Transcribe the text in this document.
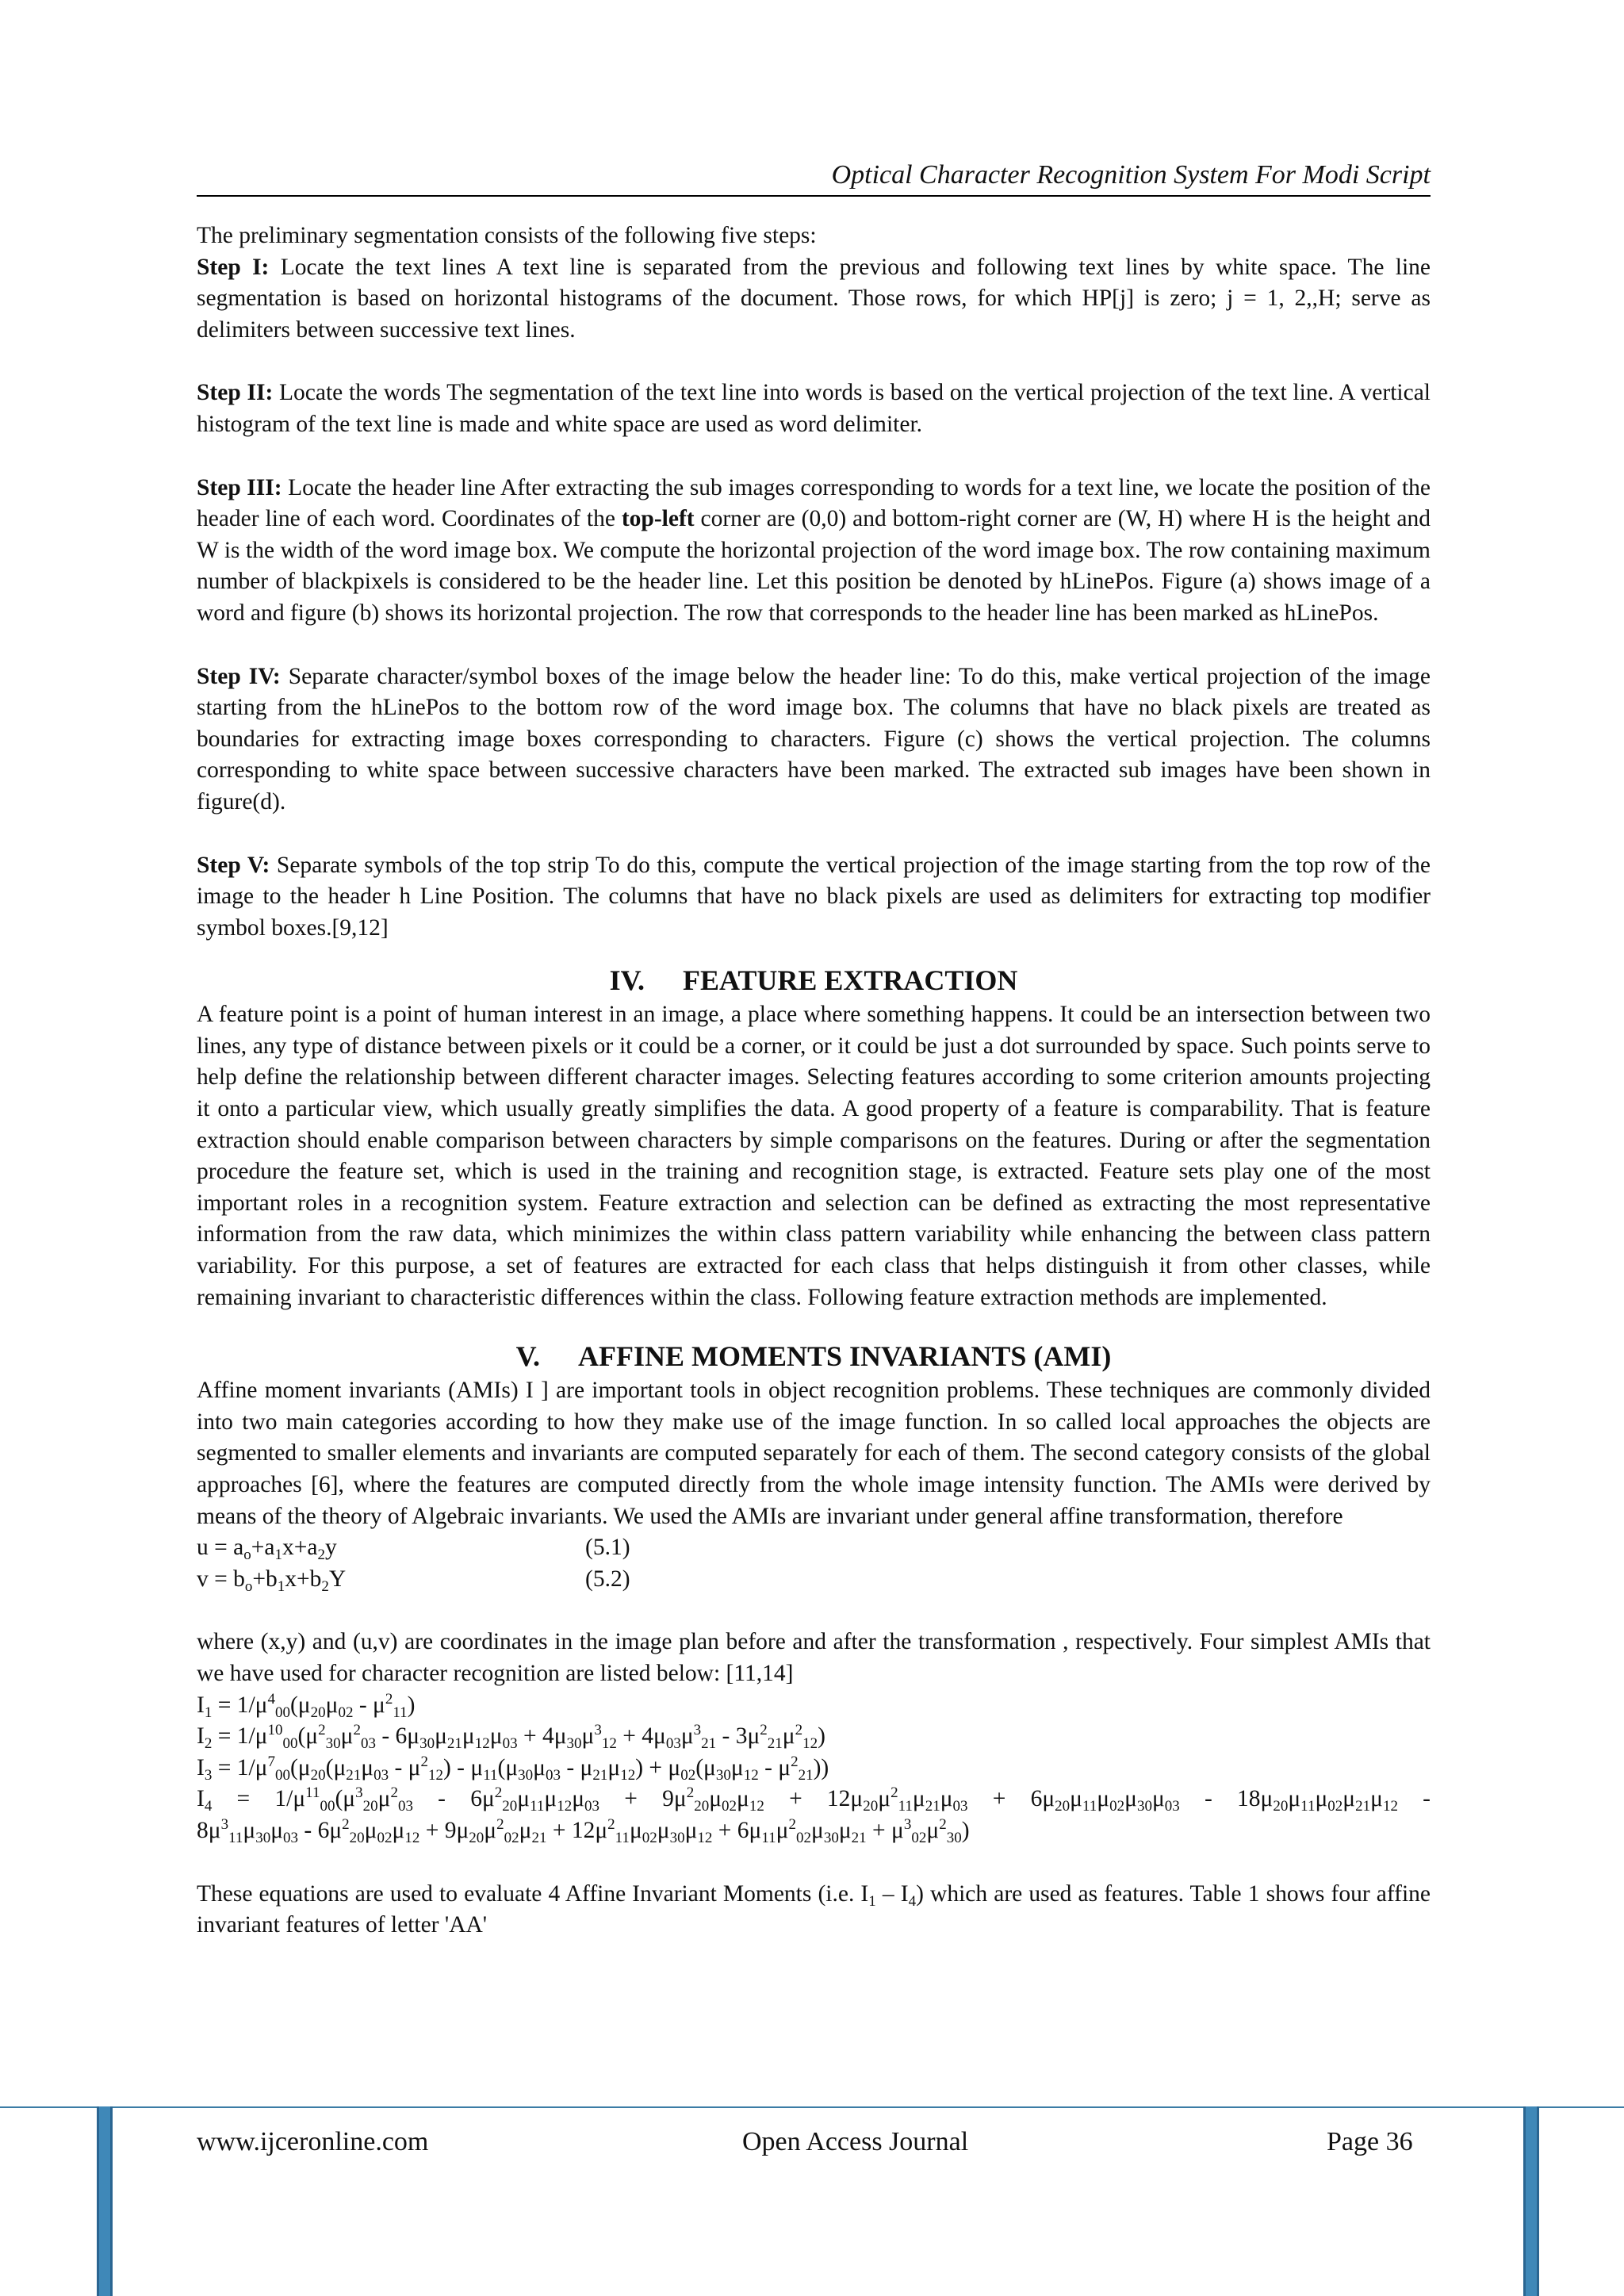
Optical Character Recognition System For Modi Script

The preliminary segmentation consists of the following five steps:

Step I: Locate the text lines A text line is separated from the previous and following text lines by white space. The line segmentation is based on horizontal histograms of the document. Those rows, for which HP[j] is zero; j = 1, 2,,H; serve as delimiters between successive text lines.

Step II: Locate the words The segmentation of the text line into words is based on the vertical projection of the text line. A vertical histogram of the text line is made and white space are used as word delimiter.

Step III: Locate the header line After extracting the sub images corresponding to words for a text line, we locate the position of the header line of each word. Coordinates of the top-left corner are (0,0) and bottom-right corner are (W, H) where H is the height and W is the width of the word image box. We compute the horizontal projection of the word image box. The row containing maximum number of blackpixels is considered to be the header line. Let this position be denoted by hLinePos. Figure (a) shows image of a word and figure (b) shows its horizontal projection. The row that corresponds to the header line has been marked as hLinePos.

Step IV: Separate character/symbol boxes of the image below the header line: To do this, make vertical projection of the image starting from the hLinePos to the bottom row of the word image box. The columns that have no black pixels are treated as boundaries for extracting image boxes corresponding to characters. Figure (c) shows the vertical projection. The columns corresponding to white space between successive characters have been marked. The extracted sub images have been shown in figure(d).

Step V: Separate symbols of the top strip To do this, compute the vertical projection of the image starting from the top row of the image to the header h Line Position. The columns that have no black pixels are used as delimiters for extracting top modifier symbol boxes.[9,12]

IV. FEATURE EXTRACTION

A feature point is a point of human interest in an image, a place where something happens. It could be an intersection between two lines, any type of distance between pixels or it could be a corner, or it could be just a dot surrounded by space. Such points serve to help define the relationship between different character images. Selecting features according to some criterion amounts projecting it onto a particular view, which usually greatly simplifies the data. A good property of a feature is comparability. That is feature extraction should enable comparison between characters by simple comparisons on the features. During or after the segmentation procedure the feature set, which is used in the training and recognition stage, is extracted. Feature sets play one of the most important roles in a recognition system. Feature extraction and selection can be defined as extracting the most representative information from the raw data, which minimizes the within class pattern variability while enhancing the between class pattern variability. For this purpose, a set of features are extracted for each class that helps distinguish it from other classes, while remaining invariant to characteristic differences within the class. Following feature extraction methods are implemented.

V. AFFINE MOMENTS INVARIANTS (AMI)

Affine moment invariants (AMIs) I ] are important tools in object recognition problems. These techniques are commonly divided into two main categories according to how they make use of the image function. In so called local approaches the objects are segmented to smaller elements and invariants are computed separately for each of them. The second category consists of the global approaches [6], where the features are computed directly from the whole image intensity function. The AMIs were derived by means of the theory of Algebraic invariants. We used the AMIs are invariant under general affine transformation, therefore

$u = a_o+a_1x+a_2y$	(5.1)
$v = b_o+b_1x+b_2Y$	(5.2)

where (x,y) and (u,v) are coordinates in the image plan before and after the transformation , respectively. Four simplest AMIs that we have used for character recognition are listed below: [11,14]

$I_1 = 1/\mu^4_{00}(\mu_{20}\mu_{02} - \mu^2_{11})$
$I_2 = 1/\mu^{10}_{00}(\mu^2_{30}\mu^2_{03} - 6\mu_{30}\mu_{21}\mu_{12}\mu_{03} + 4\mu_{30}\mu^3_{12} + 4\mu_{03}\mu^3_{21} - 3\mu^2_{21}\mu^2_{12})$
$I_3 = 1/\mu^7_{00}(\mu_{20}(\mu_{21}\mu_{03} - \mu^2_{12}) - \mu_{11}(\mu_{30}\mu_{03} - \mu_{21}\mu_{12}) + \mu_{02}(\mu_{30}\mu_{12} - \mu^2_{21}))$
$I_4 = 1/\mu^{11}_{00}(\mu^3_{20}\mu^2_{03} - 6\mu^2_{20}\mu_{11}\mu_{12}\mu_{03} + 9\mu^2_{20}\mu_{02}\mu_{12} + 12\mu_{20}\mu^2_{11}\mu_{21}\mu_{03} + 6\mu_{20}\mu_{11}\mu_{02}\mu_{30}\mu_{03} - 18\mu_{20}\mu_{11}\mu_{02}\mu_{21}\mu_{12}$ -
$8\mu^3_{11}\mu_{30}\mu_{03} - 6\mu^2_{20}\mu_{02}\mu_{12} + 9\mu_{20}\mu^2_{02}\mu_{21} + 12\mu^2_{11}\mu_{02}\mu_{30}\mu_{12} + 6\mu_{11}\mu^2_{02}\mu_{30}\mu_{21} + \mu^3_{02}\mu^2_{30}$)

These equations are used to evaluate 4 Affine Invariant Moments (i.e. $I_1 - I_4$) which are used as features. Table 1 shows four affine invariant features of letter 'AA'

www.ijceronline.com	Open Access Journal	Page 36
